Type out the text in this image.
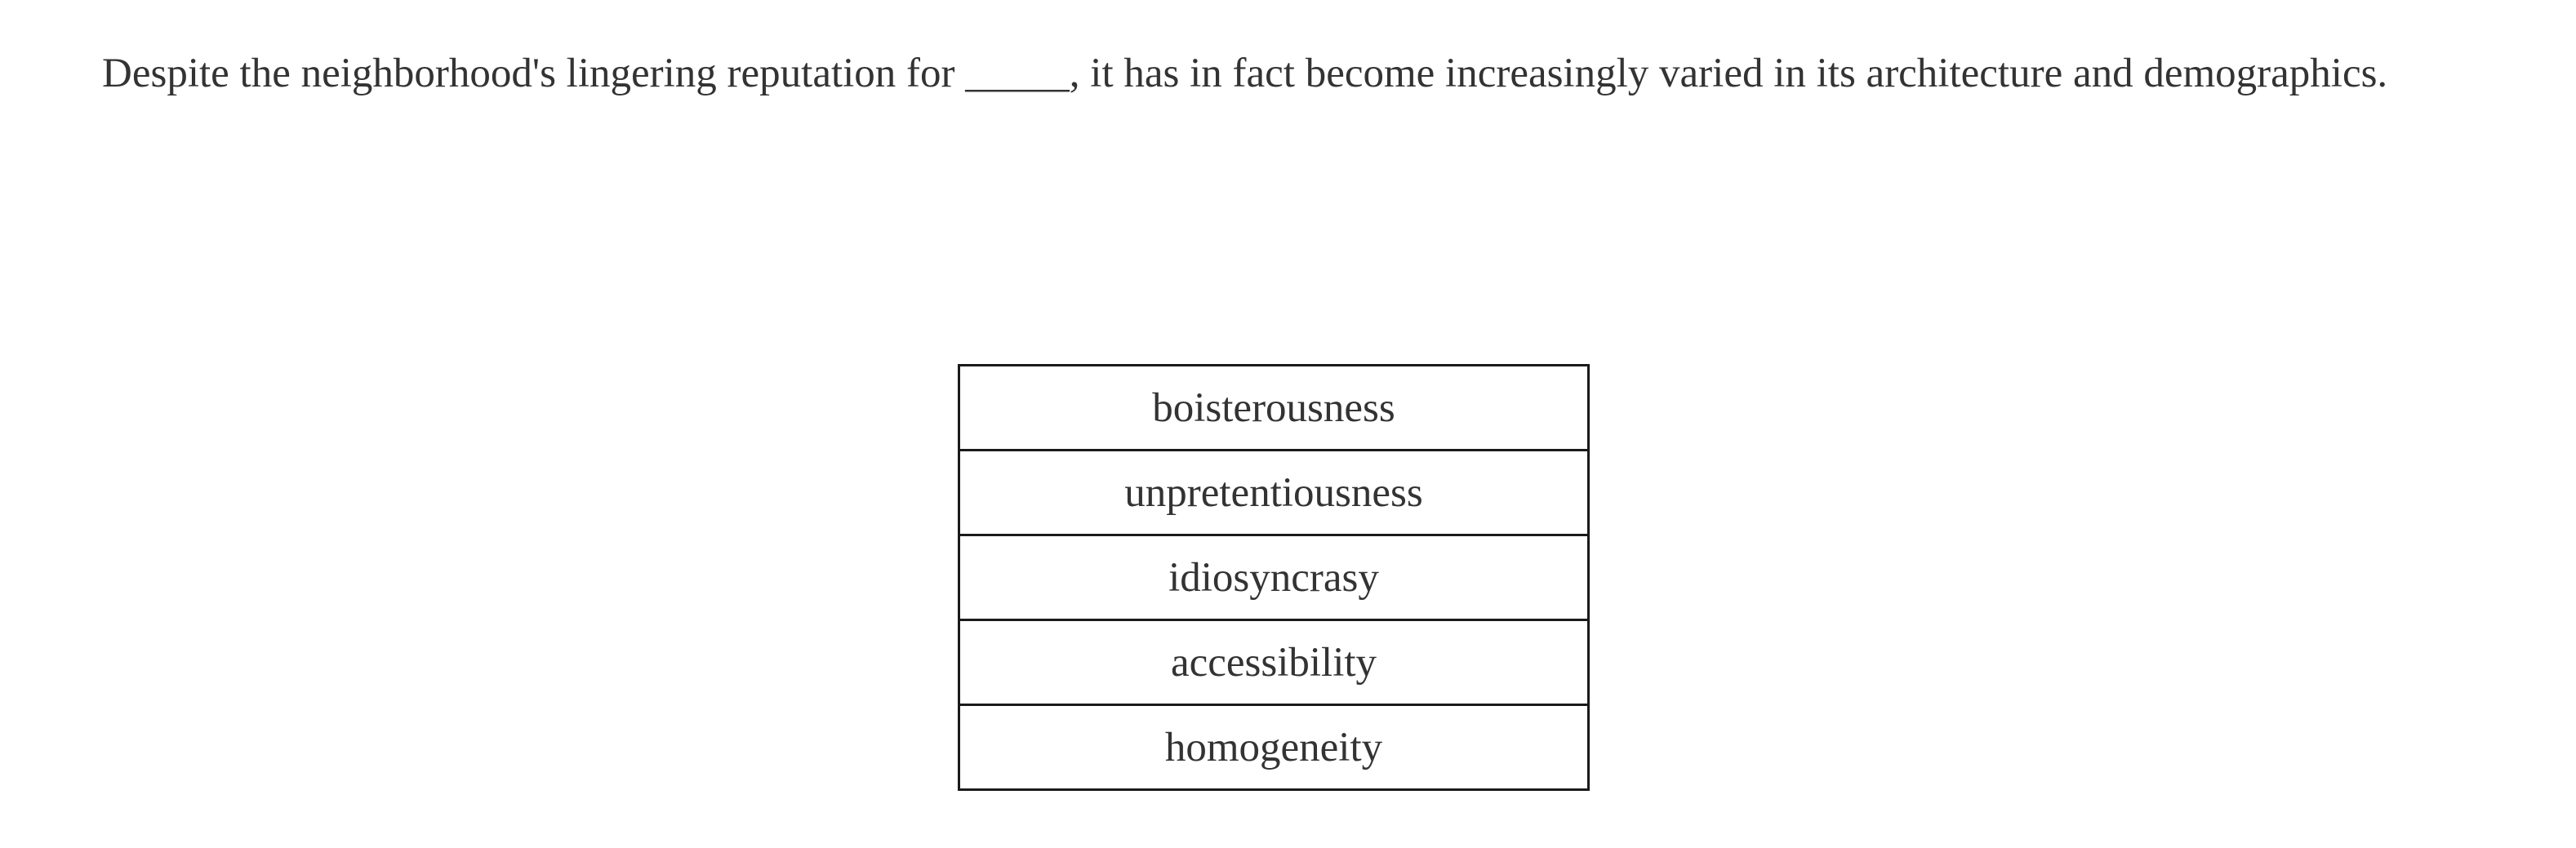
Despite the neighborhood's lingering reputation for _____, it has in fact become increasingly varied in its architecture and demographics.

boisterousness
unpretentiousness
idiosyncrasy
accessibility
homogeneity
